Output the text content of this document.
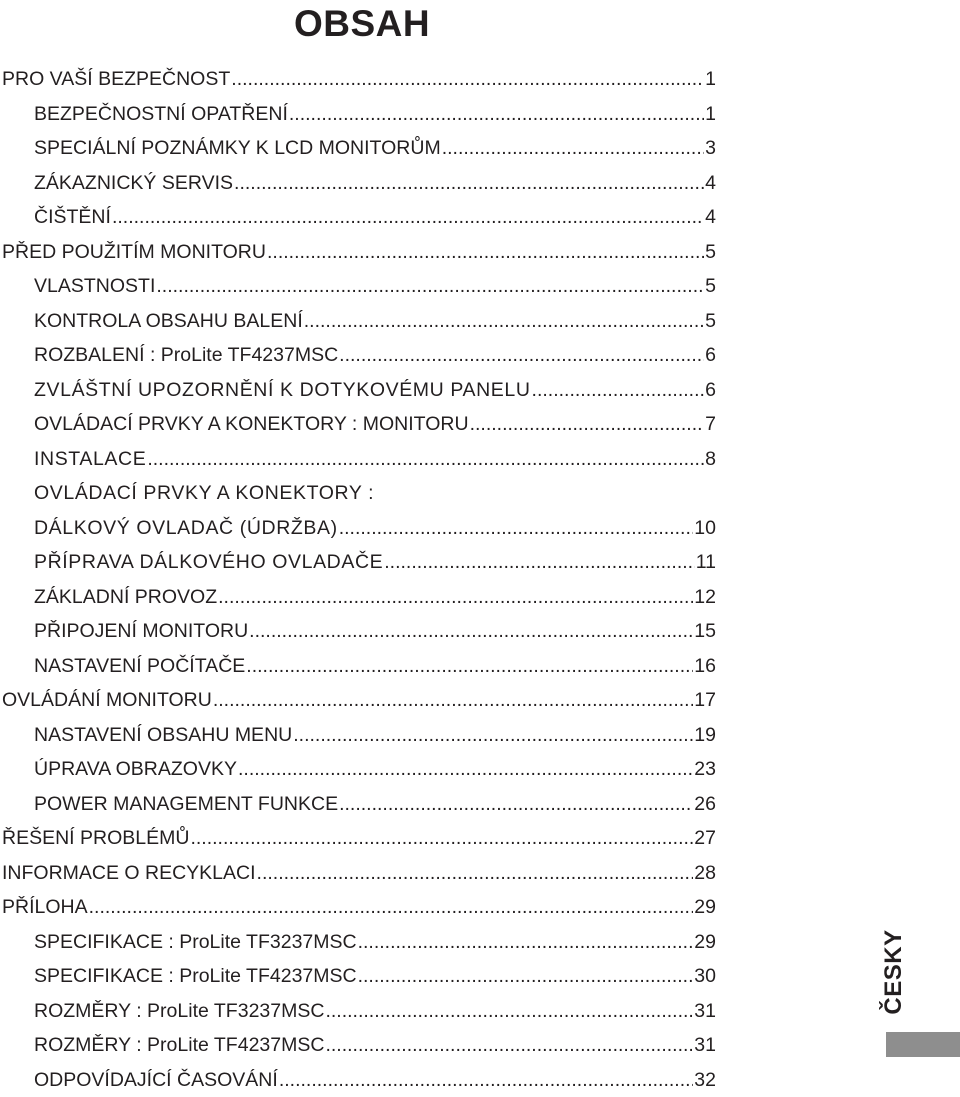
OBSAH
PRO VAŠÍ BEZPEČNOST .....	1
BEZPEČNOSTNÍ OPATŘENÍ .....	1
SPECIÁLNÍ POZNÁMKY K LCD MONITORŮM .....	3
ZÁKAZNICKÝ SERVIS .....	4
ČIŠTĚNÍ .....	4
PŘED POUŽITÍM MONITORU .....	5
VLASTNOSTI .....	5
KONTROLA OBSAHU BALENÍ .....	5
ROZBALENÍ : ProLite TF4237MSC .....	6
ZVLÁŠTNÍ UPOZORNĚNÍ K DOTYKOVÉMU PANELU .....	6
OVLÁDACÍ PRVKY A KONEKTORY : MONITORU .....	7
INSTALACE .....	8
OVLÁDACÍ PRVKY A KONEKTORY :
DÁLKOVÝ OVLADAČ (ÚDRŽBA) .....	10
PŘÍPRAVA DÁLKOVÉHO OVLADAČE .....	11
ZÁKLADNÍ PROVOZ .....	12
PŘIPOJENÍ MONITORU .....	15
NASTAVENÍ POČÍTAČE .....	16
OVLÁDÁNÍ MONITORU .....	17
NASTAVENÍ OBSAHU MENU .....	19
ÚPRAVA OBRAZOVKY .....	23
POWER MANAGEMENT FUNKCE .....	26
ŘEŠENÍ PROBLÉMŮ .....	27
INFORMACE O RECYKLACI .....	28
PŘÍLOHA .....	29
SPECIFIKACE : ProLite TF3237MSC .....	29
SPECIFIKACE : ProLite TF4237MSC .....	30
ROZMĚRY : ProLite TF3237MSC .....	31
ROZMĚRY : ProLite TF4237MSC .....	31
ODPOVÍDAJÍCÍ ČASOVÁNÍ .....	32
ČESKY
